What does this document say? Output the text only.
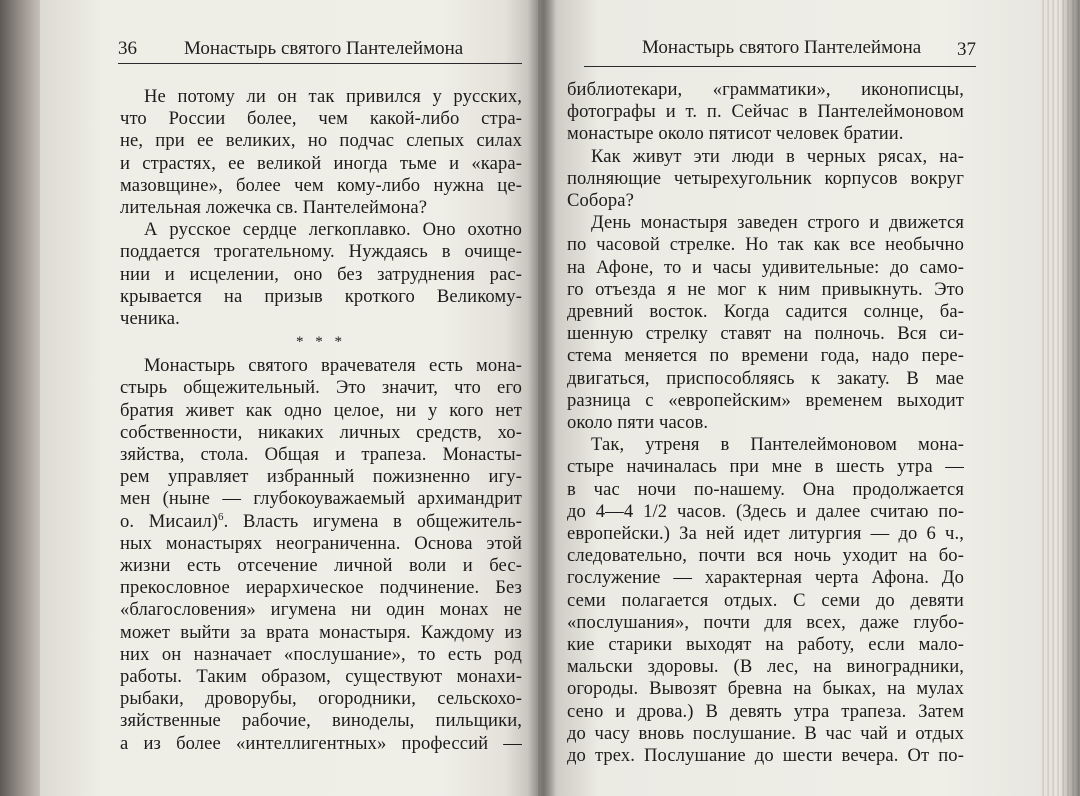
36 Монастырь святого Пантелеймона	Монастырь святого Пантелеймона 37
Не потому ли он так привился у русских,
что России более, чем какой-либо стра-
не, при ее великих, но подчас слепых силах
и страстях, ее великой иногда тьме и «кара-
мазовщине», более чем кому-либо нужна це-
лительная ложечка св. Пантелеймона?
А русское сердце легкоплавко. Оно охотно
поддается трогательному. Нуждаясь в очище-
нии и исцелении, оно без затруднения рас-
крывается на призыв кроткого Великому-
ченика.
* * *
Монастырь святого врачевателя есть мона-
стырь общежительный. Это значит, что его
братия живет как одно целое, ни у кого нет
собственности, никаких личных средств, хо-
зяйства, стола. Общая и трапеза. Монасты-
рем управляет избранный пожизненно игу-
мен (ныне — глубокоуважаемый архимандрит
о. Мисаил)$^6$. Власть игумена в общежитель-
ных монастырях неограниченна. Основа этой
жизни есть отсечение личной воли и бес-
прекословное иерархическое подчинение. Без
«благословения» игумена ни один монах не
может выйти за врата монастыря. Каждому из
них он назначает «послушание», то есть род
работы. Таким образом, существуют монахи-
рыбаки, дроворубы, огородники, сельскохо-
зяйственные рабочие, виноделы, пильщики,
а из более «интеллигентных» профессий —
библиотекари, «грамматики», иконописцы,
фотографы и т. п. Сейчас в Пантелеймоновом
монастыре около пятисот человек братии.
Как живут эти люди в черных рясах, на-
полняющие четырехугольник корпусов вокруг
Собора?
День монастыря заведен строго и движется
по часовой стрелке. Но так как все необычно
на Афоне, то и часы удивительные: до само-
го отъезда я не мог к ним привыкнуть. Это
древний восток. Когда садится солнце, ба-
шенную стрелку ставят на полночь. Вся си-
стема меняется по времени года, надо пере-
двигаться, приспособляясь к закату. В мае
разница с «европейским» временем выходит
около пяти часов.
Так, утреня в Пантелеймоновом мона-
стыре начиналась при мне в шесть утра —
в час ночи по-нашему. Она продолжается
до 4—4 1/2 часов. (Здесь и далее считаю по-
европейски.) За ней идет литургия — до 6 ч.,
следовательно, почти вся ночь уходит на бо-
гослужение — характерная черта Афона. До
семи полагается отдых. С семи до девяти
«послушания», почти для всех, даже глубо-
кие старики выходят на работу, если мало-
мальски здоровы. (В лес, на виноградники,
огороды. Вывозят бревна на быках, на мулах
сено и дрова.) В девять утра трапеза. Затем
до часу вновь послушание. В час чай и отдых
до трех. Послушание до шести вечера. От по-
